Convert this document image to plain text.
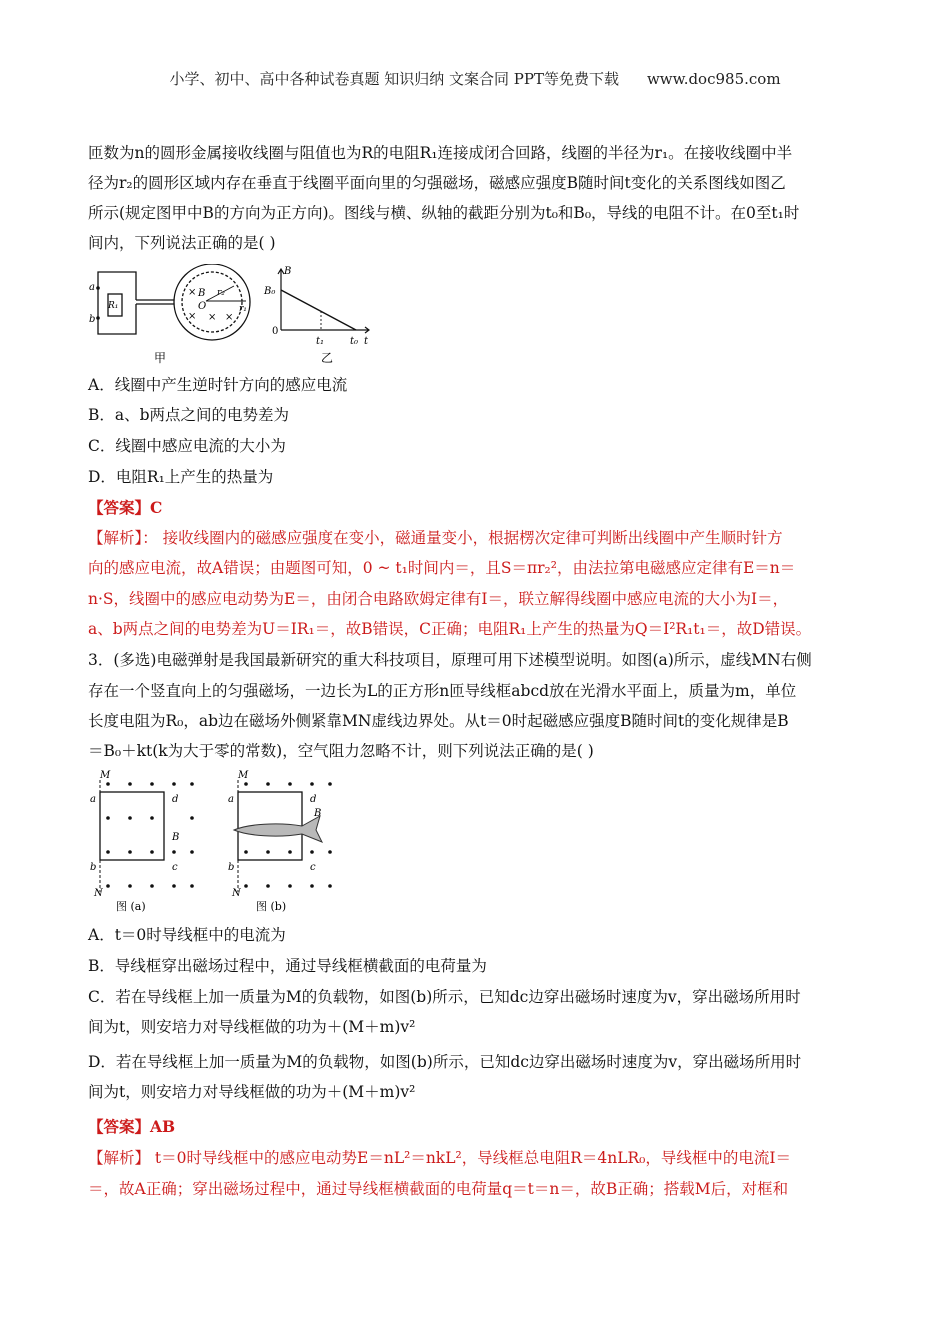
小学、初中、高中各种试卷真题 知识归纳 文案合同 PPT等免费下载 www.doc985.com

匝数为n的圆形金属接收线圈与阻值也为R的电阻R₁连接成闭合回路，线圈的半径为r₁。在接收线圈中半

径为r₂的圆形区域内存在垂直于线圈平面向里的匀强磁场，磁感应强度B随时间t变化的关系图线如图乙

所示(规定图甲中B的方向为正方向)。图线与横、纵轴的截距分别为t₀和B₀，导线的电阻不计。在0至t₁时

间内，下列说法正确的是( )

a
b
R₁
× B r₂
O
× × ×
r₁
甲
B
t
B₀
0
t₁	t₀
乙

A．线圈中产生逆时针方向的感应电流

B．a、b两点之间的电势差为

C．线圈中感应电流的大小为

D．电阻R₁上产生的热量为

【答案】C

【解析】： 接收线圈内的磁感应强度在变小，磁通量变小，根据楞次定律可判断出线圈中产生顺时针方

向的感应电流，故A错误；由题图可知，0 ~ t₁时间内＝，且S＝πr₂²，由法拉第电磁感应定律有E＝n＝

n·S，线圈中的感应电动势为E＝，由闭合电路欧姆定律有I＝，联立解得线圈中感应电流的大小为I＝，

a、b两点之间的电势差为U＝IR₁＝，故B错误，C正确；电阻R₁上产生的热量为Q＝I²R₁t₁＝，故D错误。

3．(多选)电磁弹射是我国最新研究的重大科技项目，原理可用下述模型说明。如图(a)所示，虚线MN右侧

存在一个竖直向上的匀强磁场，一边长为L的正方形n匝导线框abcd放在光滑水平面上，质量为m，单位

长度电阻为R₀，ab边在磁场外侧紧靠MN虚线边界处。从t＝0时起磁感应强度B随时间t的变化规律是B

＝B₀＋kt(k为大于零的常数)，空气阻力忽略不计，则下列说法正确的是( )

M
a
b
d
c
B
N
图 (a)
M
a
b
d
c
B
N
图 (b)

A．t＝0时导线框中的电流为

B．导线框穿出磁场过程中，通过导线框横截面的电荷量为

C．若在导线框上加一质量为M的负载物，如图(b)所示，已知dc边穿出磁场时速度为v，穿出磁场所用时

间为t，则安培力对导线框做的功为＋(M＋m)v²

D．若在导线框上加一质量为M的负载物，如图(b)所示，已知dc边穿出磁场时速度为v，穿出磁场所用时

间为t，则安培力对导线框做的功为＋(M＋m)v²

【答案】AB

【解析】 t＝0时导线框中的感应电动势E＝nL²＝nkL²，导线框总电阻R＝4nLR₀，导线框中的电流I＝

＝，故A正确；穿出磁场过程中，通过导线框横截面的电荷量q＝t＝n＝，故B正确；搭载M后，对框和
